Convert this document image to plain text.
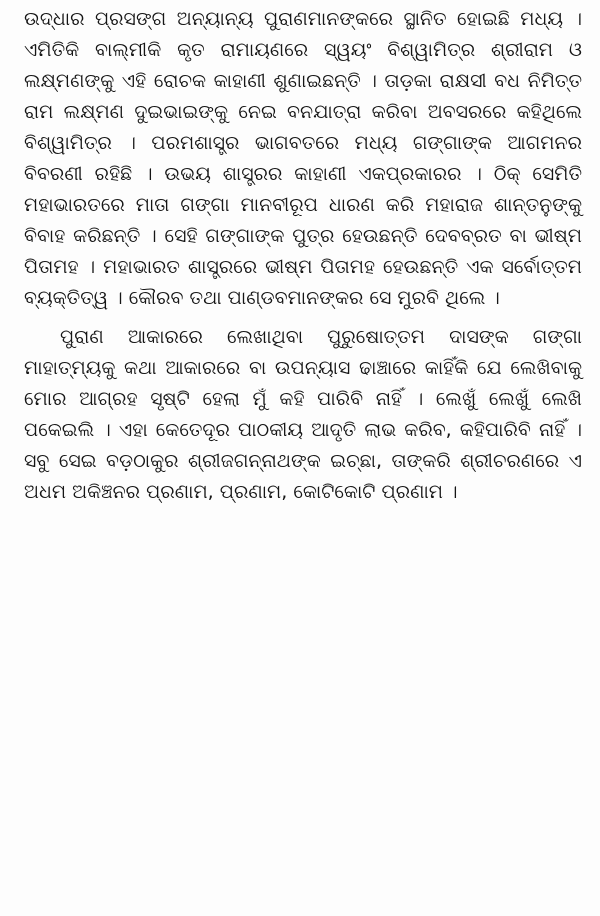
ଉଦ୍ଧାର ପ୍ରସଙ୍ଗ ଅନ୍ୟାନ୍ୟ ପୁରାଣମାନଙ୍କରେ ସ୍ଥାନିତ ହୋଇଛି ମଧ୍ୟ । ଏମିତିକି ବାଲ୍ମୀକି କୃତ ରାମାୟଣରେ ସ୍ୱୟଂ ବିଶ୍ୱାମିତ୍ର ଶ୍ରୀରାମ ଓ ଲକ୍ଷ୍ମଣଙ୍କୁ ଏହି ରୋଚକ କାହାଣୀ ଶୁଣାଇଛନ୍ତି । ତାଡ଼କା ରାକ୍ଷସୀ ବଧ ନିମିତ୍ତ ରାମ ଲକ୍ଷ୍ମଣ ଦୁଇଭାଇଙ୍କୁ ନେଇ ବନଯାତ୍ରା କରିବା ଅବସରରେ କହିଥିଲେ ବିଶ୍ୱାମିତ୍ର । ପରମଶାସ୍ତ୍ର ଭାଗବତରେ ମଧ୍ୟ ଗଙ୍ଗାଙ୍କ ଆଗମନର ବିବରଣୀ ରହିଛି । ଉଭୟ ଶାସ୍ତ୍ରର କାହାଣୀ ଏକପ୍ରକାରର । ଠିକ୍ ସେମିତି ମହାଭାରତରେ ମାତା ଗଙ୍ଗା ମାନବୀରୂପ ଧାରଣ କରି ମହାରାଜ ଶାନ୍ତନୁଙ୍କୁ ବିବାହ କରିଛନ୍ତି । ସେହି ଗଙ୍ଗାଙ୍କ ପୁତ୍ର ହେଉଛନ୍ତି ଦେବବ୍ରତ ବା ଭୀଷ୍ମ ପିତାମହ । ମହାଭାରତ ଶାସ୍ତ୍ରରେ ଭୀଷ୍ମ ପିତାମହ ହେଉଛନ୍ତି ଏକ ସର୍ବୋତ୍ତମ ବ୍ୟକ୍ତିତ୍ୱ । କୌରବ ତଥା ପାଣ୍ଡବମାନଙ୍କର ସେ ମୁରବି ଥିଲେ ।

ପୁରାଣ ଆକାରରେ ଲେଖାଥିବା ପୁରୁଷୋତ୍ତମ ଦାସଙ୍କ ଗଙ୍ଗା ମାହାତ୍ମ୍ୟକୁ କଥା ଆକାରରେ ବା ଉପନ୍ୟାସ ଢାଞ୍ଚାରେ କାହିଁକି ଯେ ଲେଖିବାକୁ ମୋର ଆଗ୍ରହ ସୃଷ୍ଟି ହେଲା ମୁଁ କହି ପାରିବି ନାହିଁ । ଲେଖୁଁ ଲେଖୁଁ ଲେଖି ପକେଇଲି । ଏହା କେତେଦୂର ପାଠକୀୟ ଆଦୃତି ଲାଭ କରିବ, କହିପାରିବି ନାହିଁ । ସବୁ ସେଇ ବଡ଼ଠାକୁର ଶ୍ରୀଜଗନ୍ନାଥଙ୍କ ଇଚ୍ଛା, ତାଙ୍କରି ଶ୍ରୀଚରଣରେ ଏ ଅଧମ ଅକିଞ୍ଚନର ପ୍ରଣାମ, ପ୍ରଣାମ, କୋଟିକୋଟି ପ୍ରଣାମ ।
